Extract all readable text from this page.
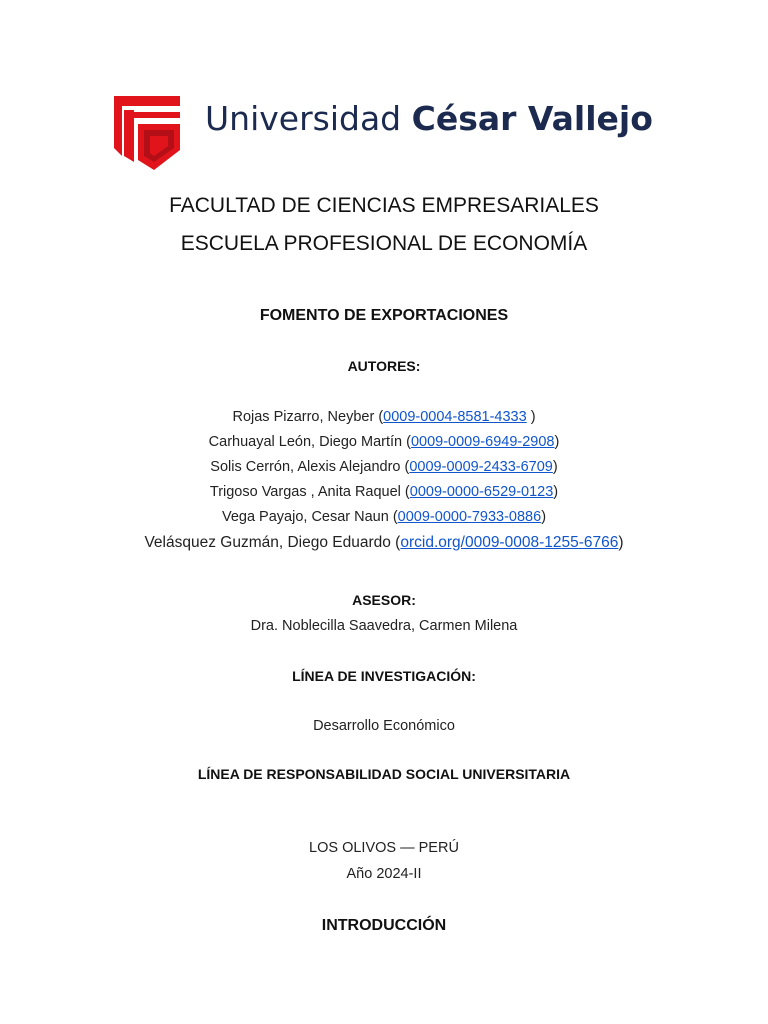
Universidad César Vallejo
FACULTAD DE CIENCIAS EMPRESARIALES
ESCUELA PROFESIONAL DE ECONOMÍA
FOMENTO DE EXPORTACIONES
AUTORES:
Rojas Pizarro, Neyber (0009-0004-8581-4333 )
Carhuayal León, Diego Martín (0009-0009-6949-2908)
Solis Cerrón, Alexis Alejandro (0009-0009-2433-6709)
Trigoso Vargas , Anita Raquel (0009-0000-6529-0123)
Vega Payajo, Cesar Naun (0009-0000-7933-0886)
Velásquez Guzmán, Diego Eduardo (orcid.org/0009-0008-1255-6766)
ASESOR:
Dra. Noblecilla Saavedra, Carmen Milena
LÍNEA DE INVESTIGACIÓN:
Desarrollo Económico
LÍNEA DE RESPONSABILIDAD SOCIAL UNIVERSITARIA
LOS OLIVOS — PERÚ
Año 2024-II
INTRODUCCIÓN
